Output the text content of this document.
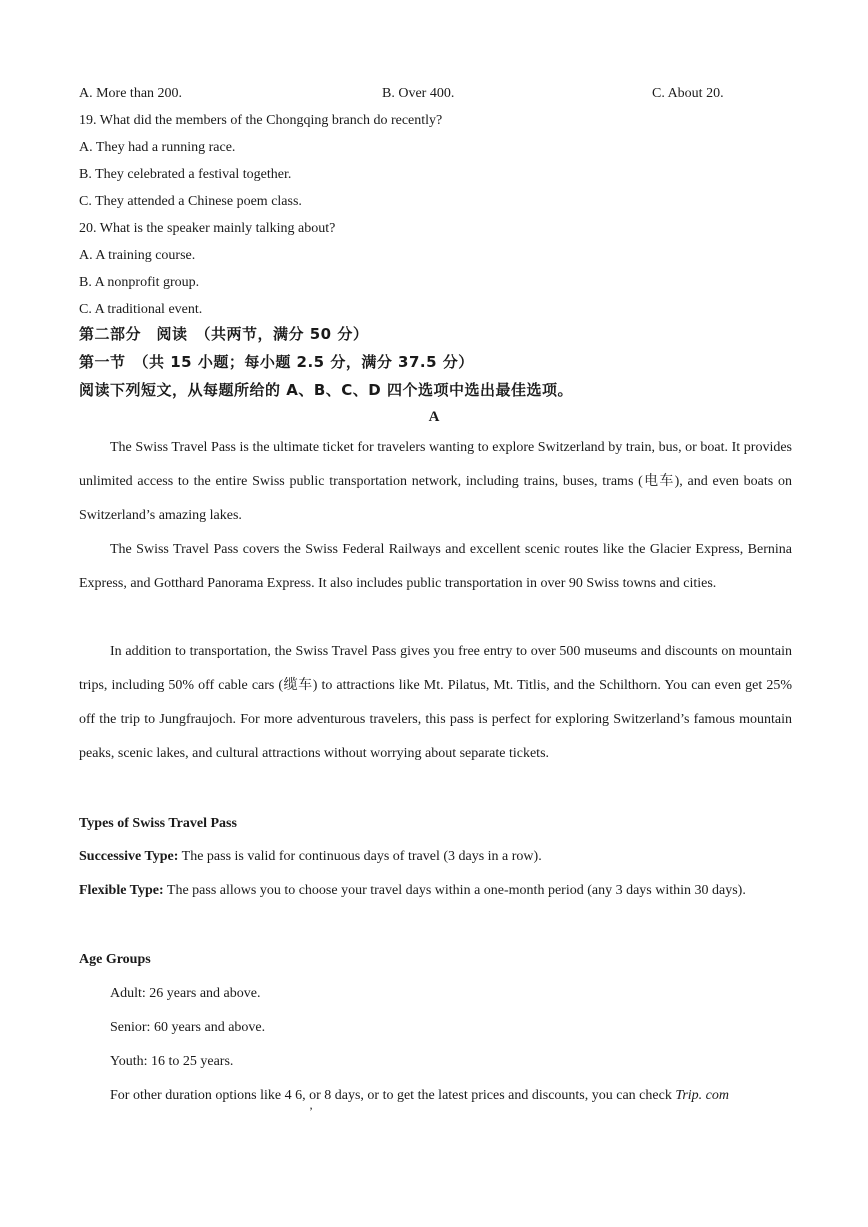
A. More than 200.	B. Over 400.	C. About 20.
19. What did the members of the Chongqing branch do recently?
A. They had a running race.
B. They celebrated a festival together.
C. They attended a Chinese poem class.
20. What is the speaker mainly talking about?
A. A training course.
B. A nonprofit group.
C. A traditional event.
第二部分　阅读　（共两节，满分 50 分）
第一节　（共 15 小题；每小题 2.5 分，满分 37.5 分）
阅读下列短文，从每题所给的 A、B、C、D 四个选项中选出最佳选项。
A

The Swiss Travel Pass is the ultimate ticket for travelers wanting to explore Switzerland by train, bus, or boat. It provides unlimited access to the entire Swiss public transportation network, including trains, buses, trams (电车), and even boats on Switzerland’s amazing lakes.

The Swiss Travel Pass covers the Swiss Federal Railways and excellent scenic routes like the Glacier Express, Bernina Express, and Gotthard Panorama Express. It also includes public transportation in over 90 Swiss towns and cities.

In addition to transportation, the Swiss Travel Pass gives you free entry to over 500 museums and discounts on mountain trips, including 50% off cable cars (缆车) to attractions like Mt. Pilatus, Mt. Titlis, and the Schilthorn. You can even get 25% off the trip to Jungfraujoch. For more adventurous travelers, this pass is perfect for exploring Switzerland’s famous mountain peaks, scenic lakes, and cultural attractions without worrying about separate tickets.

Types of Swiss Travel Pass

Successive Type: The pass is valid for continuous days of travel (3 days in a row).

Flexible Type: The pass allows you to choose your travel days within a one-month period (any 3 days within 30 days).

Age Groups
Adult: 26 years and above.
Senior: 60 years and above.
Youth: 16 to 25 years.
For other duration options like 4 6, or 8 days, or to get the latest prices and discounts, you can check Trip. com
’
